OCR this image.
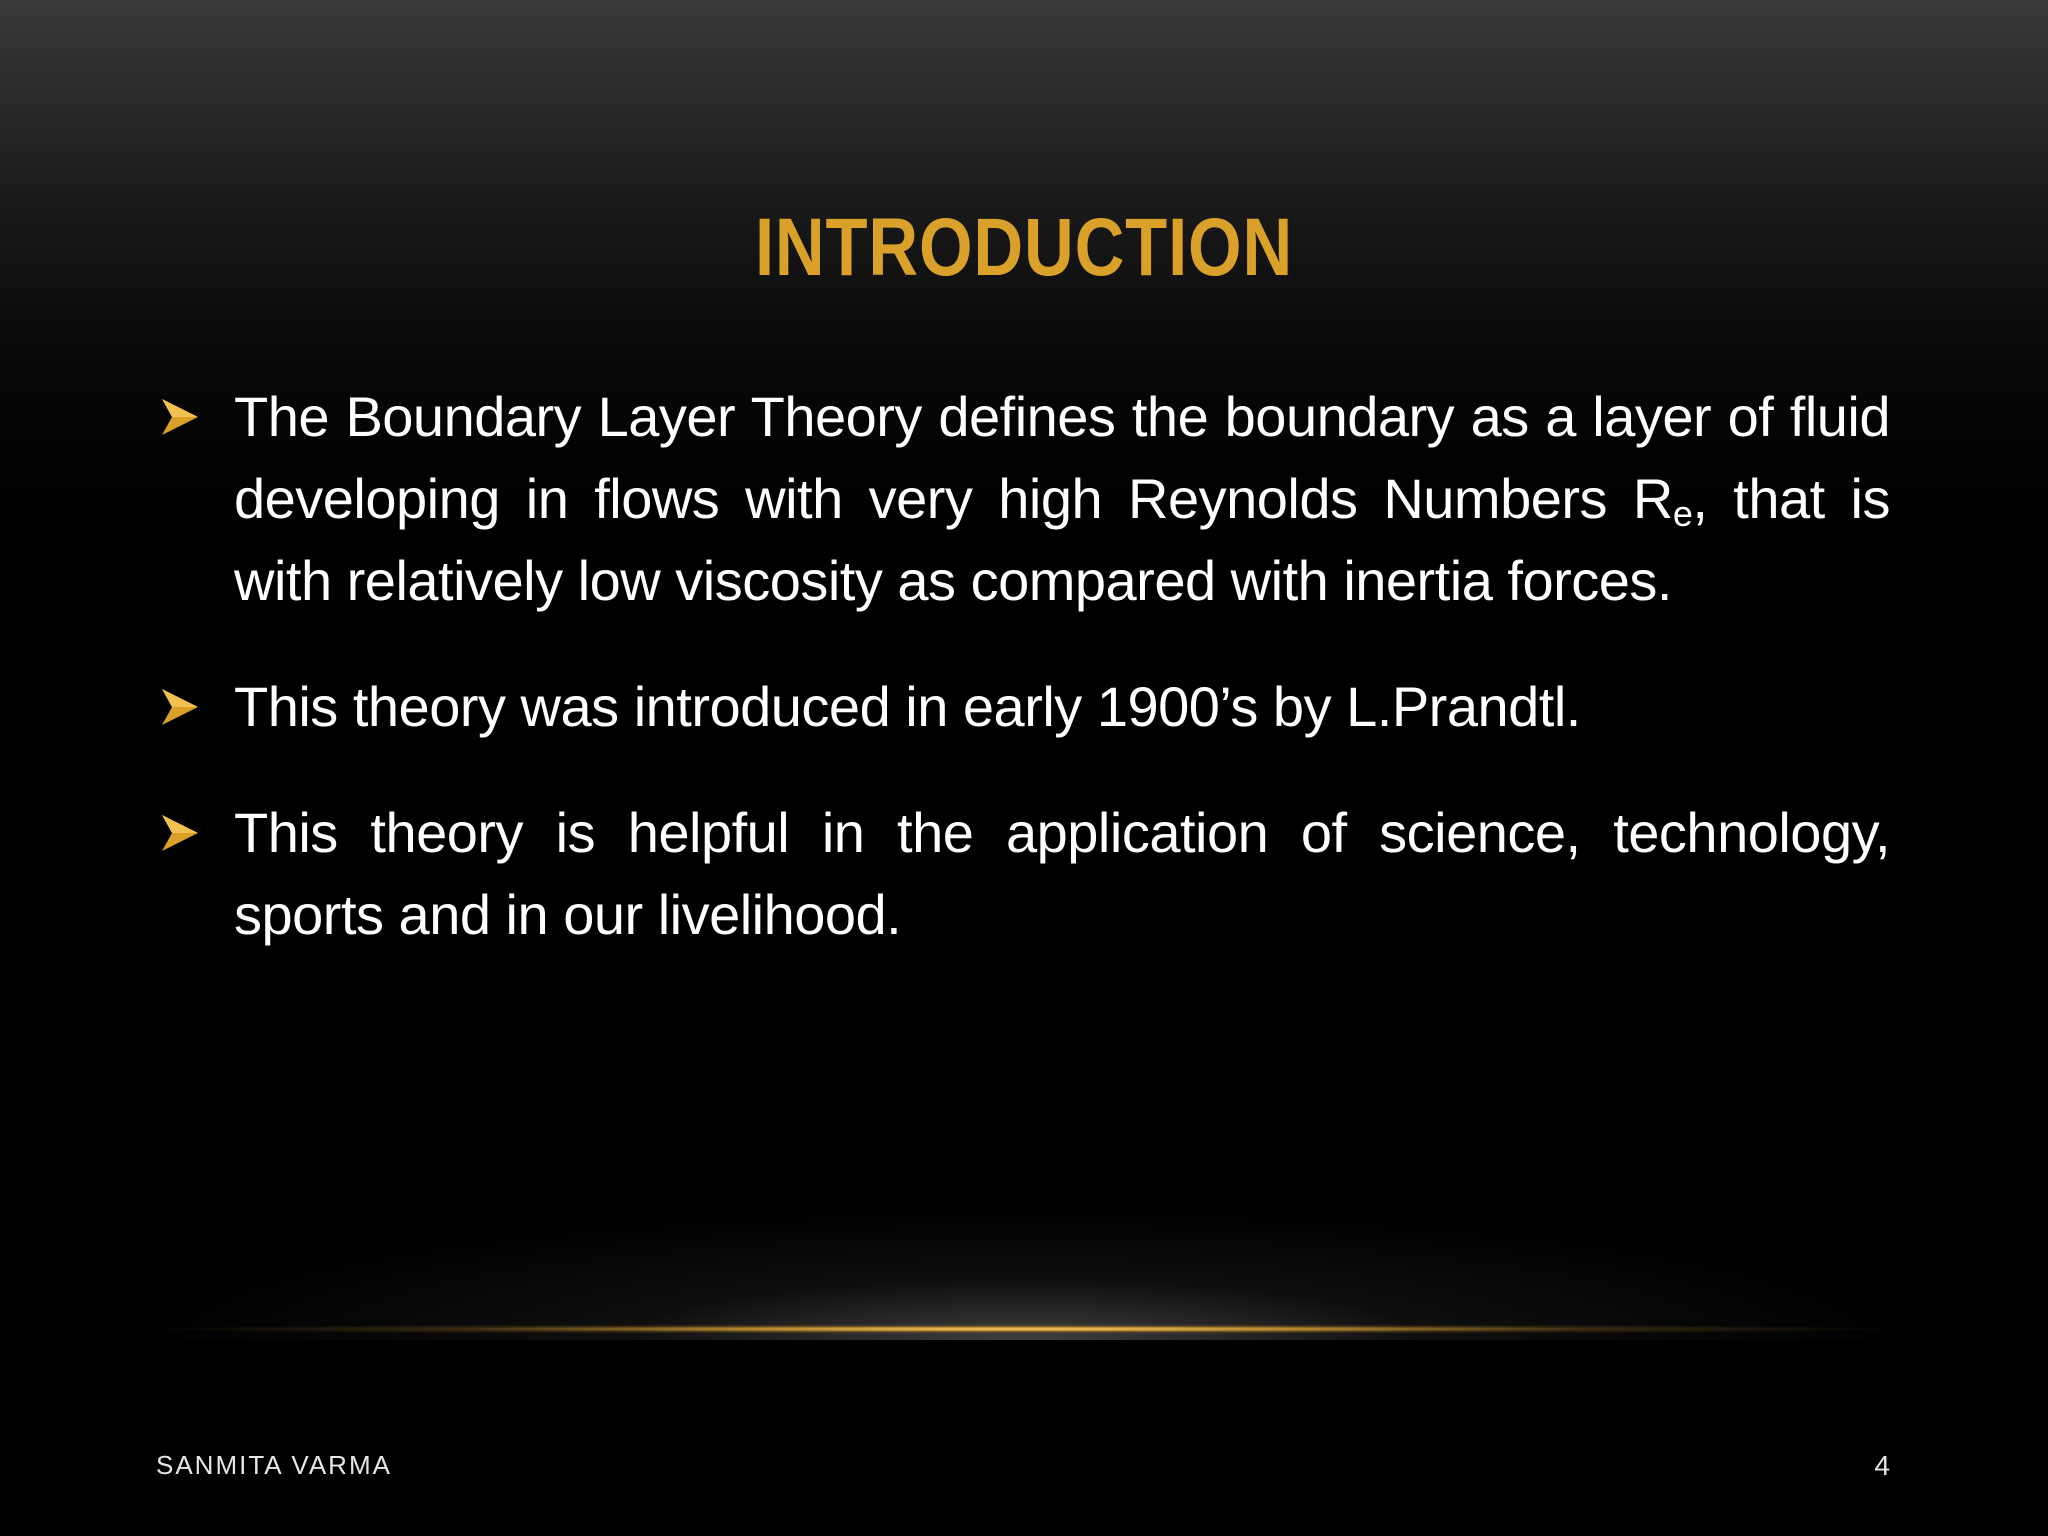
INTRODUCTION
The Boundary Layer Theory defines the boundary as a layer of fluid developing in flows with very high Reynolds Numbers $R_e$, that is with relatively low viscosity as compared with inertia forces.
This theory was introduced in early 1900’s by L.Prandtl.
This theory is helpful in the application of science, technology, sports and in our livelihood.
SANMITA VARMA	4
